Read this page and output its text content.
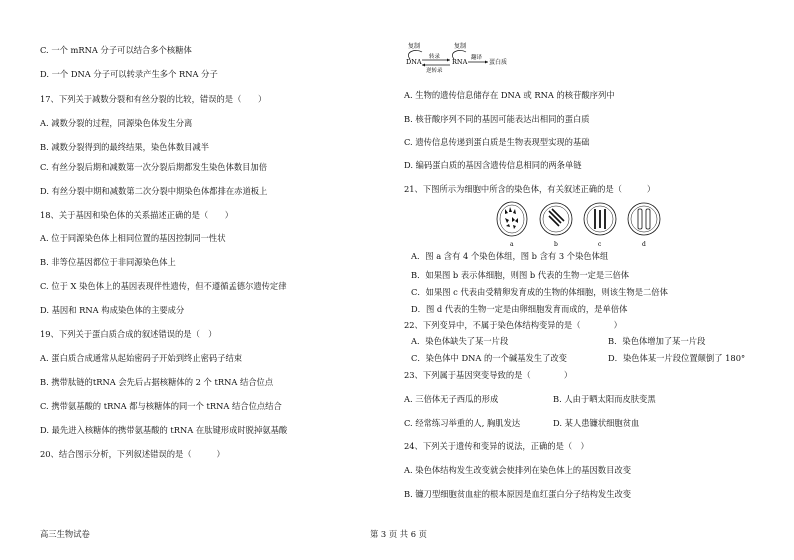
C. 一个 mRNA 分子可以结合多个核糖体
D. 一个 DNA 分子可以转录产生多个 RNA 分子
17、下列关于减数分裂和有丝分裂的比较，错误的是（　　）
A. 减数分裂的过程，同源染色体发生分离
B. 减数分裂得到的最终结果，染色体数目减半
C. 有丝分裂后期和减数第一次分裂后期都发生染色体数目加倍
D. 有丝分裂中期和减数第二次分裂中期染色体都排在赤道板上
18、关于基因和染色体的关系描述正确的是（　　）
A. 位于同源染色体上相同位置的基因控制同一性状
B. 非等位基因都位于非同源染色体上
C. 位于 X 染色体上的基因表现伴性遗传，但不遵循孟德尔遗传定律
D. 基因和 RNA 构成染色体的主要成分
19、下列关于蛋白质合成的叙述错误的是（　）
A. 蛋白质合成通常从起始密码子开始到终止密码子结束
B. 携带肽链的tRNA 会先后占据核糖体的 2 个 tRNA 结合位点
C. 携带氨基酸的 tRNA 都与核糖体的同一个 tRNA 结合位点结合
D. 最先进入核糖体的携带氨基酸的 tRNA 在肽键形成时脱掉氨基酸
20、结合图示分析，下列叙述错误的是（　　　）
A. 生物的遗传信息储存在 DNA 或 RNA 的核苷酸序列中
B. 核苷酸序列不同的基因可能表达出相同的蛋白质
C. 遗传信息传递到蛋白质是生物表现型实现的基础
D. 编码蛋白质的基因含遗传信息相同的两条单链
21、下图所示为细胞中所含的染色体，有关叙述正确的是（　　　）
A．图 a 含有 4 个染色体组，图 b 含有 3 个染色体组
B．如果图 b 表示体细胞，则图 b 代表的生物一定是三倍体
C．如果图 c 代表由受精卵发育成的生物的体细胞，则该生物是二倍体
D．图 d 代表的生物一定是由卵细胞发育而成的，是单倍体
22、下列变异中，不属于染色体结构变异的是（　　　　）
A．染色体缺失了某一片段	B．染色体增加了某一片段
C．染色体中 DNA 的一个碱基发生了改变	D．染色体某一片段位置颠倒了 180°
23、下列属于基因突变导致的是（　　　　）
A. 三倍体无子西瓜的形成	B. 人由于晒太阳而皮肤变黑
C. 经常练习举重的人, 胸肌发达	D. 某人患镰状细胞贫血
24、下列关于遗传和变异的说法，正确的是（　）
A. 染色体结构发生改变就会使排列在染色体上的基因数目改变
B. 镰刀型细胞贫血症的根本原因是血红蛋白分子结构发生改变
复制	复制
DNA
转录
逆转录
RNA 翻译
蛋白质
a	b	c	d
高三生物试卷	第 3 页 共 6 页
